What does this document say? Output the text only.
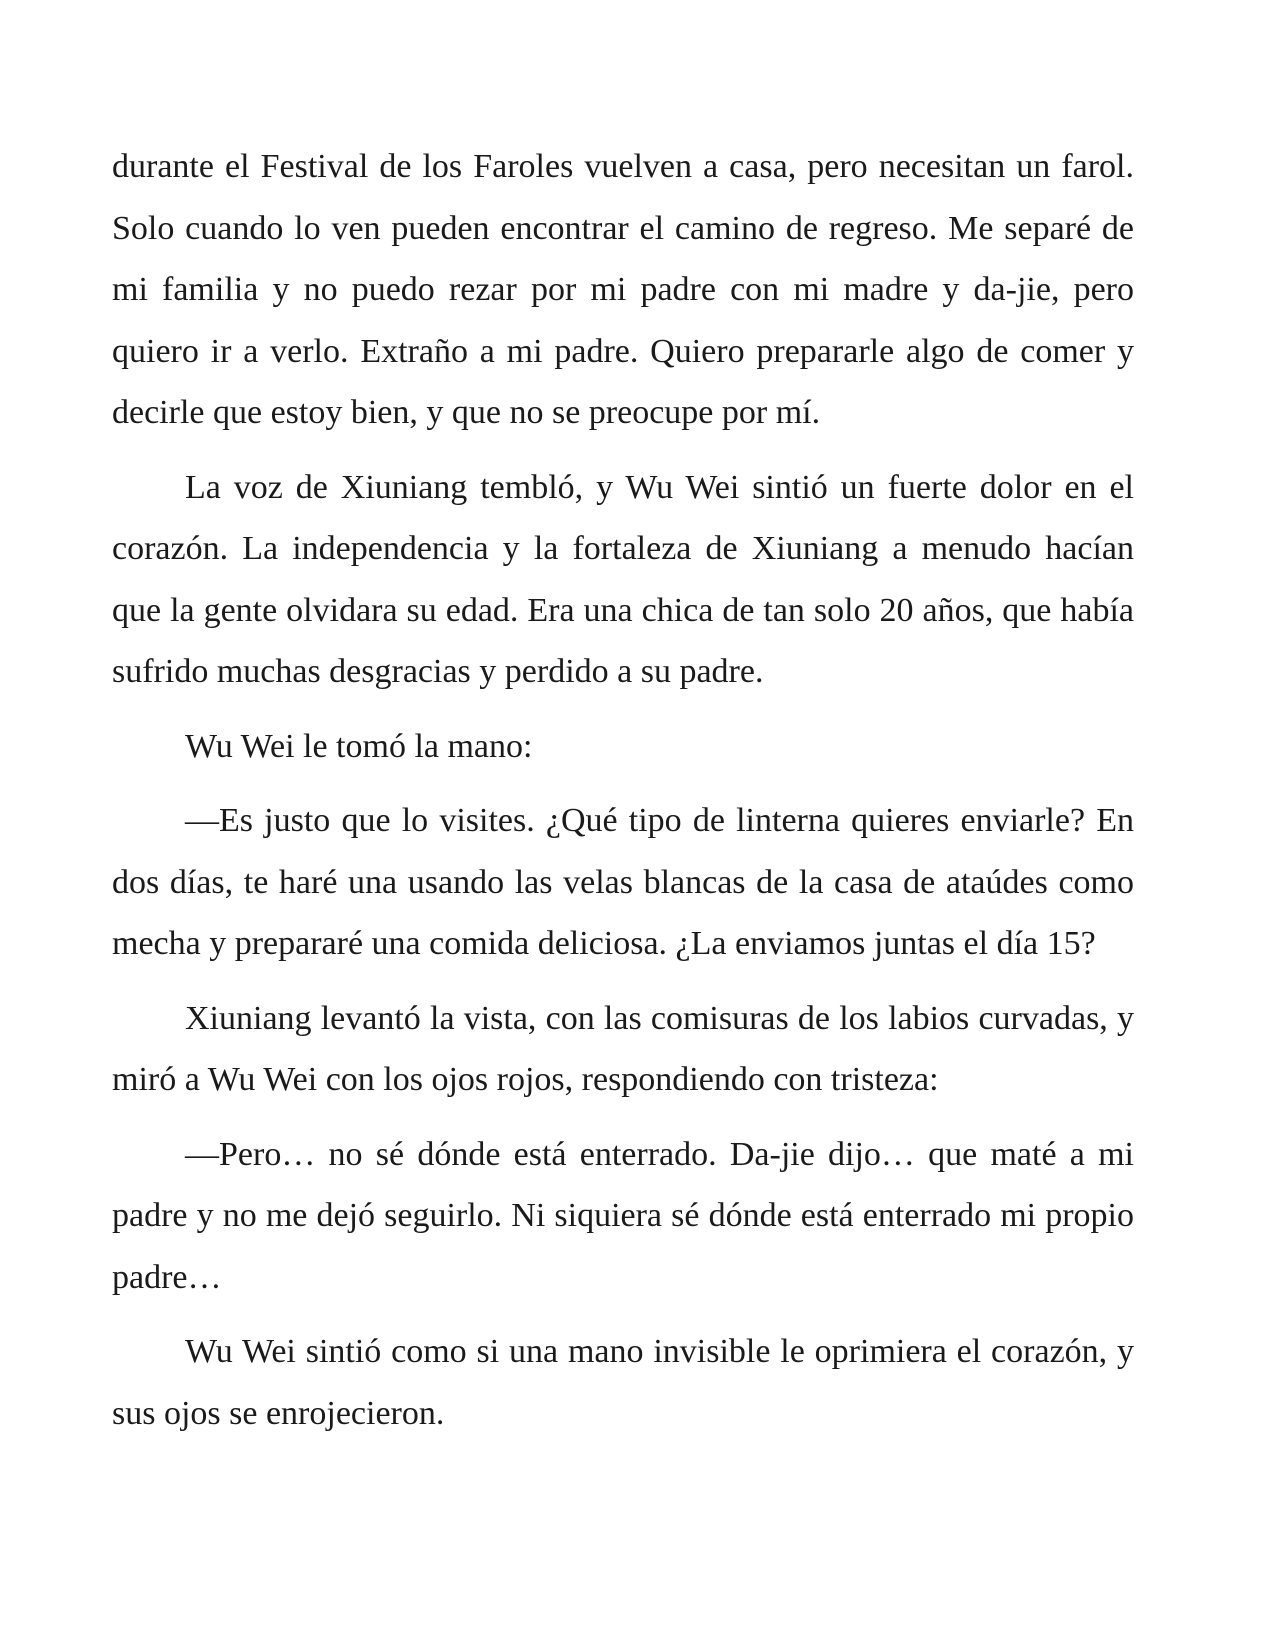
durante el Festival de los Faroles vuelven a casa, pero necesitan un farol. Solo cuando lo ven pueden encontrar el camino de regreso. Me separé de mi familia y no puedo rezar por mi padre con mi madre y da-jie, pero quiero ir a verlo. Extraño a mi padre. Quiero prepararle algo de comer y decirle que estoy bien, y que no se preocupe por mí.

La voz de Xiuniang tembló, y Wu Wei sintió un fuerte dolor en el corazón. La independencia y la fortaleza de Xiuniang a menudo hacían que la gente olvidara su edad. Era una chica de tan solo 20 años, que había sufrido muchas desgracias y perdido a su padre.

Wu Wei le tomó la mano:

—Es justo que lo visites. ¿Qué tipo de linterna quieres enviarle? En dos días, te haré una usando las velas blancas de la casa de ataúdes como mecha y prepararé una comida deliciosa. ¿La enviamos juntas el día 15?

Xiuniang levantó la vista, con las comisuras de los labios curvadas, y miró a Wu Wei con los ojos rojos, respondiendo con tristeza:

—Pero… no sé dónde está enterrado. Da-jie dijo… que maté a mi padre y no me dejó seguirlo. Ni siquiera sé dónde está enterrado mi propio padre…

Wu Wei sintió como si una mano invisible le oprimiera el corazón, y sus ojos se enrojecieron.
